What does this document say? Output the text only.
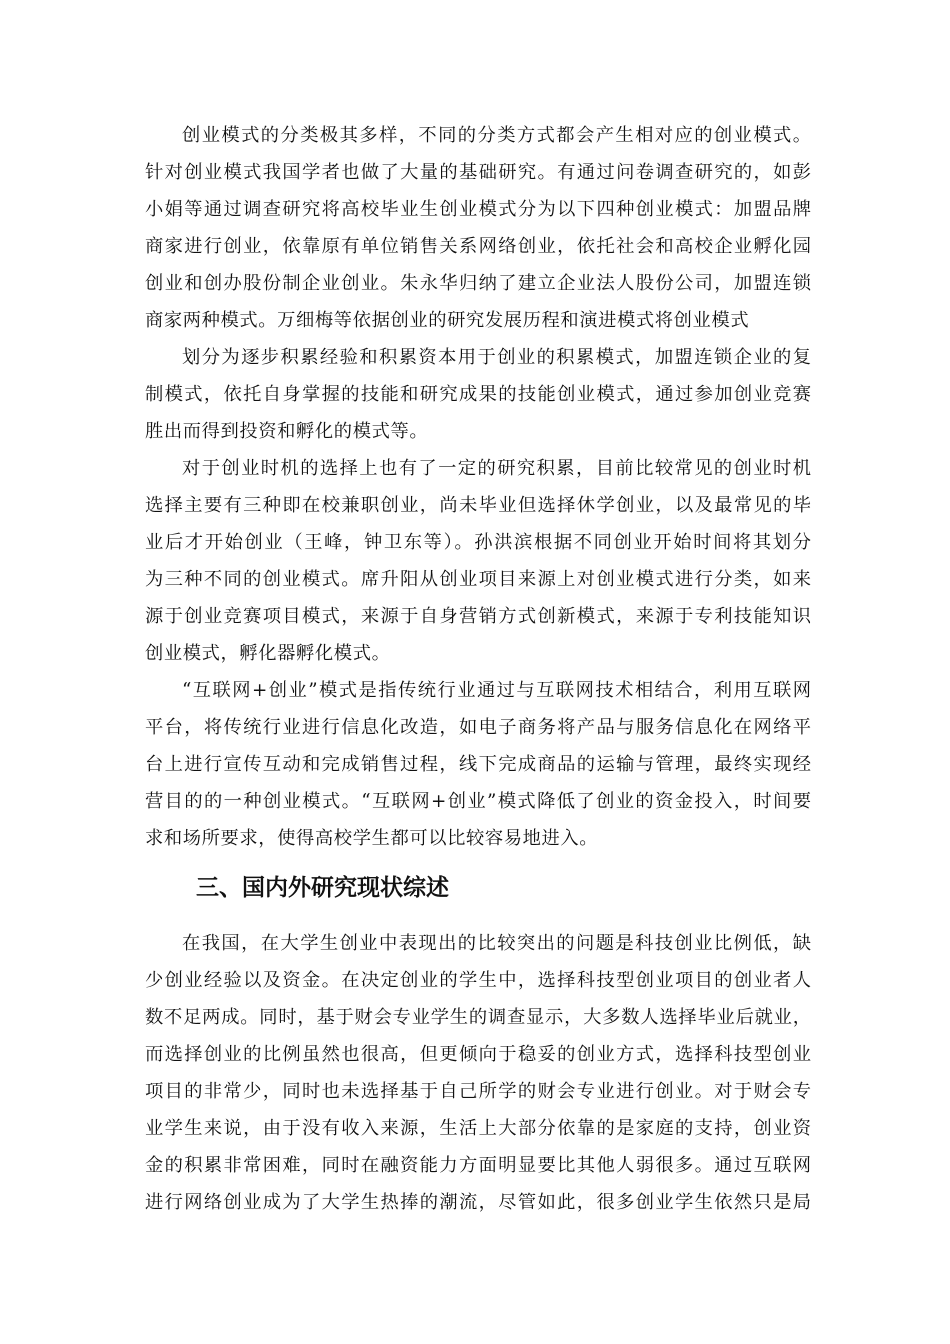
创业模式的分类极其多样，不同的分类方式都会产生相对应的创业模式。
针对创业模式我国学者也做了大量的基础研究。有通过问卷调查研究的，如彭
小娟等通过调查研究将高校毕业生创业模式分为以下四种创业模式：加盟品牌
商家进行创业，依靠原有单位销售关系网络创业，依托社会和高校企业孵化园
创业和创办股份制企业创业。朱永华归纳了建立企业法人股份公司，加盟连锁
商家两种模式。万细梅等依据创业的研究发展历程和演进模式将创业模式
划分为逐步积累经验和积累资本用于创业的积累模式，加盟连锁企业的复
制模式，依托自身掌握的技能和研究成果的技能创业模式，通过参加创业竞赛
胜出而得到投资和孵化的模式等。
对于创业时机的选择上也有了一定的研究积累，目前比较常见的创业时机
选择主要有三种即在校兼职创业，尚未毕业但选择休学创业，以及最常见的毕
业后才开始创业（王峰，钟卫东等）。孙洪滨根据不同创业开始时间将其划分
为三种不同的创业模式。席升阳从创业项目来源上对创业模式进行分类，如来
源于创业竞赛项目模式，来源于自身营销方式创新模式，来源于专利技能知识
创业模式，孵化器孵化模式。
“互联网+创业”模式是指传统行业通过与互联网技术相结合，利用互联网
平台，将传统行业进行信息化改造，如电子商务将产品与服务信息化在网络平
台上进行宣传互动和完成销售过程，线下完成商品的运输与管理，最终实现经
营目的的一种创业模式。“互联网+创业”模式降低了创业的资金投入，时间要
求和场所要求，使得高校学生都可以比较容易地进入。
三、国内外研究现状综述
在我国，在大学生创业中表现出的比较突出的问题是科技创业比例低，缺
少创业经验以及资金。在决定创业的学生中，选择科技型创业项目的创业者人
数不足两成。同时，基于财会专业学生的调查显示，大多数人选择毕业后就业，
而选择创业的比例虽然也很高，但更倾向于稳妥的创业方式，选择科技型创业
项目的非常少，同时也未选择基于自己所学的财会专业进行创业。对于财会专
业学生来说，由于没有收入来源，生活上大部分依靠的是家庭的支持，创业资
金的积累非常困难，同时在融资能力方面明显要比其他人弱很多。通过互联网
进行网络创业成为了大学生热捧的潮流，尽管如此，很多创业学生依然只是局
